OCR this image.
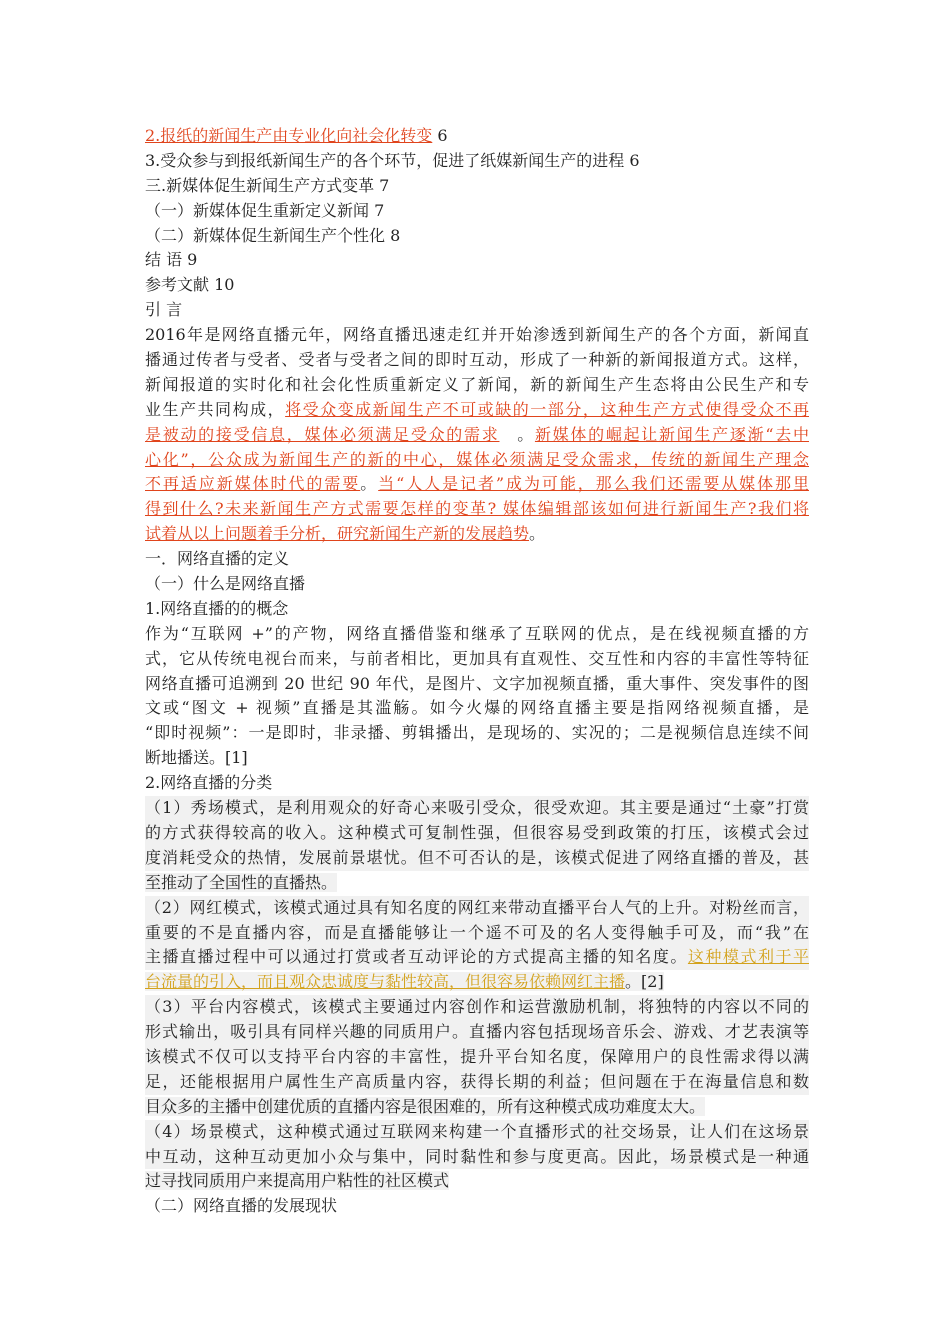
2.报纸的新闻生产由专业化向社会化转变 6
3.受众参与到报纸新闻生产的各个环节，促进了纸媒新闻生产的进程 6
三.新媒体促生新闻生产方式变革 7
（一）新媒体促生重新定义新闻 7
（二）新媒体促生新闻生产个性化 8
结 语 9
参考文献 10
引 言
2016年是网络直播元年，网络直播迅速走红并开始渗透到新闻生产的各个方面，新闻直
播通过传者与受者、受者与受者之间的即时互动，形成了一种新的新闻报道方式。这样，
新闻报道的实时化和社会化性质重新定义了新闻，新的新闻生产生态将由公民生产和专
业生产共同构成，将受众变成新闻生产不可或缺的一部分，这种生产方式使得受众不再
是被动的接受信息，媒体必须满足受众的需求　。新媒体的崛起让新闻生产逐渐“去中
心化”，公众成为新闻生产的新的中心，媒体必须满足受众需求，传统的新闻生产理念
不再适应新媒体时代的需要。当“人人是记者”成为可能，那么我们还需要从媒体那里
得到什么?未来新闻生产方式需要怎样的变革? 媒体编辑部该如何进行新闻生产?我们将
试着从以上问题着手分析，研究新闻生产新的发展趋势。
一．网络直播的定义
（一）什么是网络直播
1.网络直播的的概念
作为“互联网 +”的产物，网络直播借鉴和继承了互联网的优点，是在线视频直播的方
式，它从传统电视台而来，与前者相比，更加具有直观性、交互性和内容的丰富性等特征
网络直播可追溯到 20 世纪 90 年代，是图片、文字加视频直播，重大事件、突发事件的图
文或“图文 + 视频”直播是其滥觞。如今火爆的网络直播主要是指网络视频直播，是
“即时视频”：一是即时，非录播、剪辑播出，是现场的、实况的；二是视频信息连续不间
断地播送。[1]
2.网络直播的分类
（1）秀场模式，是利用观众的好奇心来吸引受众，很受欢迎。其主要是通过“土豪”打赏
的方式获得较高的收入。这种模式可复制性强，但很容易受到政策的打压，该模式会过
度消耗受众的热情，发展前景堪忧。但不可否认的是，该模式促进了网络直播的普及，甚
至推动了全国性的直播热。
（2）网红模式，该模式通过具有知名度的网红来带动直播平台人气的上升。对粉丝而言，
重要的不是直播内容，而是直播能够让一个遥不可及的名人变得触手可及，而“我”在
主播直播过程中可以通过打赏或者互动评论的方式提高主播的知名度。这种模式利于平
台流量的引入，而且观众忠诚度与黏性较高，但很容易依赖网红主播。[2]
（3）平台内容模式，该模式主要通过内容创作和运营激励机制，将独特的内容以不同的
形式输出，吸引具有同样兴趣的同质用户。直播内容包括现场音乐会、游戏、才艺表演等
该模式不仅可以支持平台内容的丰富性，提升平台知名度，保障用户的良性需求得以满
足，还能根据用户属性生产高质量内容，获得长期的利益；但问题在于在海量信息和数
目众多的主播中创建优质的直播内容是很困难的，所有这种模式成功难度太大。
（4）场景模式，这种模式通过互联网来构建一个直播形式的社交场景，让人们在这场景
中互动，这种互动更加小众与集中，同时黏性和参与度更高。因此，场景模式是一种通
过寻找同质用户来提高用户粘性的社区模式
（二）网络直播的发展现状
